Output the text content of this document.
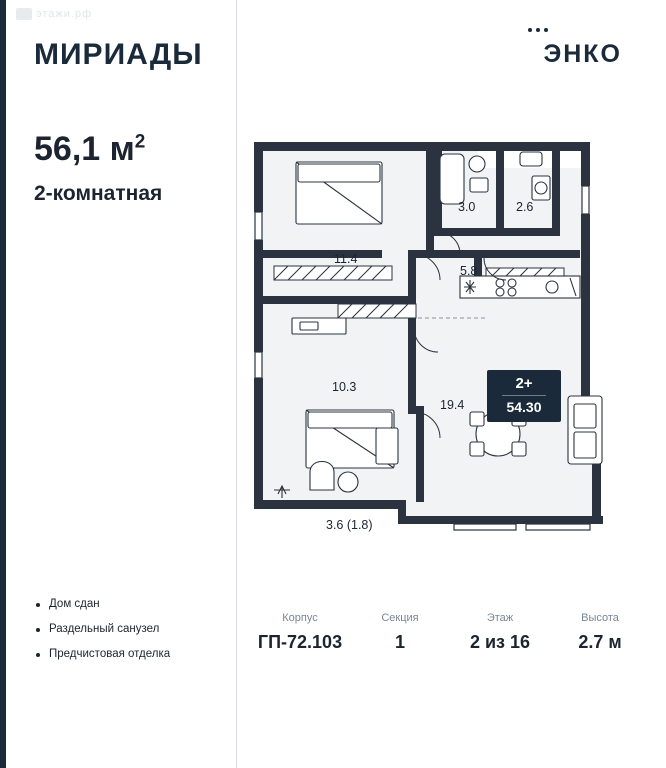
этажи.рф
МИРИАДЫ	ЭНКО
56,1 $м^2$
2-комнатная
Дом сдан
Раздельный санузел
Предчистовая отделка
Корпус
ГП-72.103
Секция
1
Этаж
2 из 16
Высота
2.7 м
2+
54.30
11.4
3.0	2.6
5.8
10.3
19.4
3.6 (1.8)
